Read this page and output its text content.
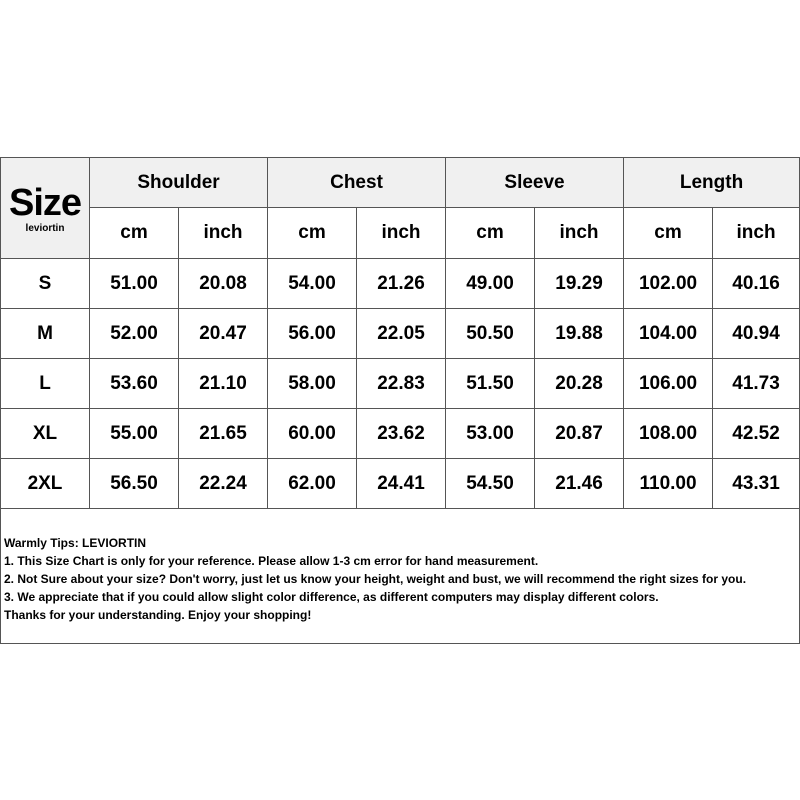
Size
leviortin	Shoulder		Chest		Sleeve		Length	
	cm	inch	cm	inch	cm	inch	cm	inch
S	51.00	20.08	54.00	21.26	49.00	19.29	102.00	40.16
M	52.00	20.47	56.00	22.05	50.50	19.88	104.00	40.94
L	53.60	21.10	58.00	22.83	51.50	20.28	106.00	41.73
XL	55.00	21.65	60.00	23.62	53.00	20.87	108.00	42.52
2XL	56.50	22.24	62.00	24.41	54.50	21.46	110.00	43.31

Warmly Tips: LEVIORTIN
1. This Size Chart is only for your reference. Please allow 1-3 cm error for hand measurement.
2. Not Sure about your size? Don't worry, just let us know your height, weight and bust, we will recommend the right sizes for you.
3. We appreciate that if you could allow slight color difference, as different computers may display different colors.
Thanks for your understanding. Enjoy your shopping!								
